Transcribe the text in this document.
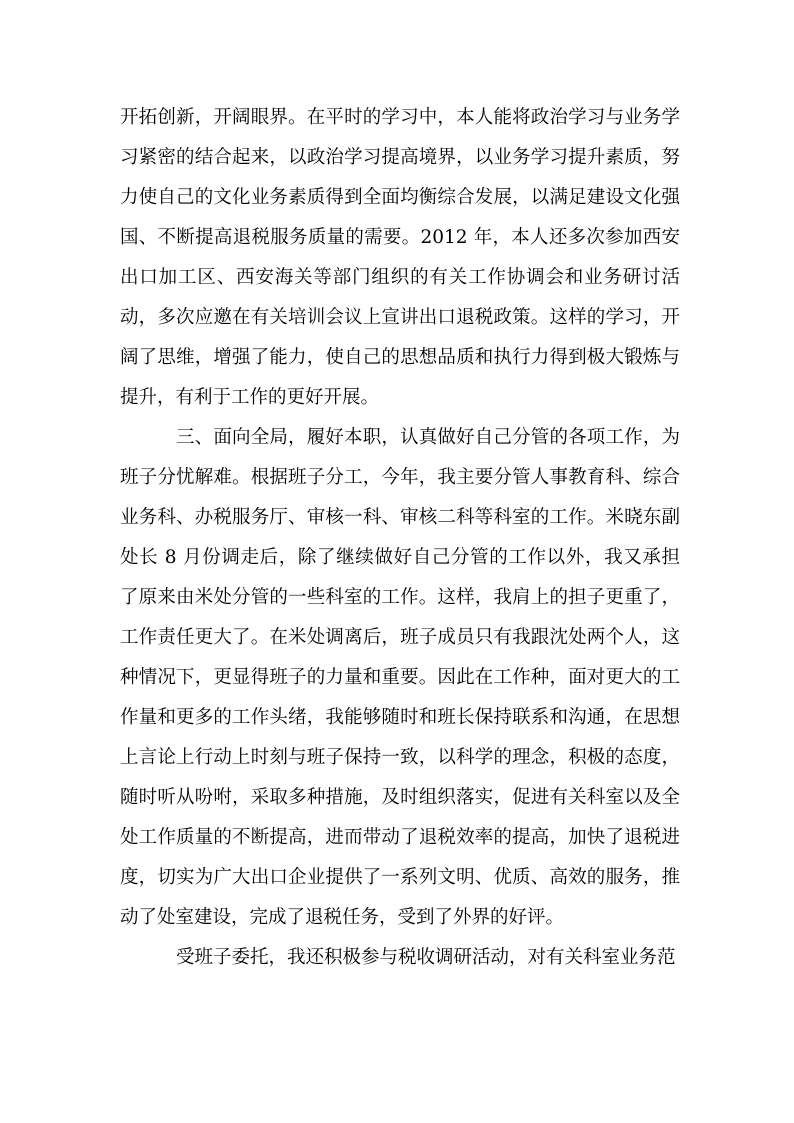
开拓创新，开阔眼界。在平时的学习中，本人能将政治学习与业务学习紧密的结合起来，以政治学习提高境界，以业务学习提升素质，努力使自己的文化业务素质得到全面均衡综合发展，以满足建设文化强国、不断提高退税服务质量的需要。2012 年，本人还多次参加西安出口加工区、西安海关等部门组织的有关工作协调会和业务研讨活动，多次应邀在有关培训会议上宣讲出口退税政策。这样的学习，开阔了思维，增强了能力，使自己的思想品质和执行力得到极大锻炼与提升，有利于工作的更好开展。

三、面向全局，履好本职，认真做好自己分管的各项工作，为班子分忧解难。根据班子分工，今年，我主要分管人事教育科、综合业务科、办税服务厅、审核一科、审核二科等科室的工作。米晓东副处长 8 月份调走后，除了继续做好自己分管的工作以外，我又承担了原来由米处分管的一些科室的工作。这样，我肩上的担子更重了，工作责任更大了。在米处调离后，班子成员只有我跟沈处两个人，这种情况下，更显得班子的力量和重要。因此在工作种，面对更大的工作量和更多的工作头绪，我能够随时和班长保持联系和沟通，在思想上言论上行动上时刻与班子保持一致，以科学的理念，积极的态度，随时听从吩咐，采取多种措施，及时组织落实，促进有关科室以及全处工作质量的不断提高，进而带动了退税效率的提高，加快了退税进度，切实为广大出口企业提供了一系列文明、优质、高效的服务，推动了处室建设，完成了退税任务，受到了外界的好评。

受班子委托，我还积极参与税收调研活动，对有关科室业务范
